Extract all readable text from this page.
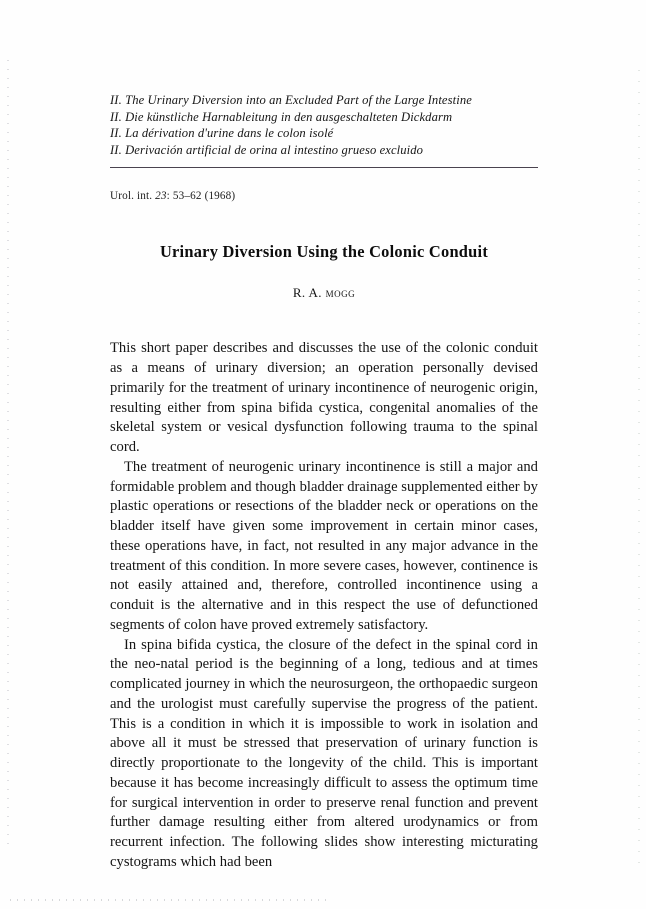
II. The Urinary Diversion into an Excluded Part of the Large Intestine
II. Die künstliche Harnableitung in den ausgeschalteten Dickdarm
II. La dérivation d'urine dans le colon isolé
II. Derivación artificial de orina al intestino grueso excluido
Urol. int. 23: 53–62 (1968)
Urinary Diversion Using the Colonic Conduit
R. A. mogg

This short paper describes and discusses the use of the colonic conduit as a means of urinary diversion; an operation personally devised primarily for the treatment of urinary incontinence of neurogenic origin, resulting either from spina bifida cystica, congenital anomalies of the skeletal system or vesical dysfunction following trauma to the spinal cord.

The treatment of neurogenic urinary incontinence is still a major and formidable problem and though bladder drainage supplemented either by plastic operations or resections of the bladder neck or operations on the bladder itself have given some improvement in certain minor cases, these operations have, in fact, not resulted in any major advance in the treatment of this condition. In more severe cases, however, continence is not easily attained and, therefore, controlled incontinence using a conduit is the alternative and in this respect the use of defunctioned segments of colon have proved extremely satisfactory.

In spina bifida cystica, the closure of the defect in the spinal cord in the neo-natal period is the beginning of a long, tedious and at times complicated journey in which the neurosurgeon, the orthopaedic surgeon and the urologist must carefully supervise the progress of the patient. This is a condition in which it is impossible to work in isolation and above all it must be stressed that preservation of urinary function is directly proportionate to the longevity of the child. This is important because it has become increasingly difficult to assess the optimum time for surgical intervention in order to preserve renal function and prevent further damage resulting either from altered urodynamics or from recurrent infection. The following slides show interesting micturating cystograms which had been
